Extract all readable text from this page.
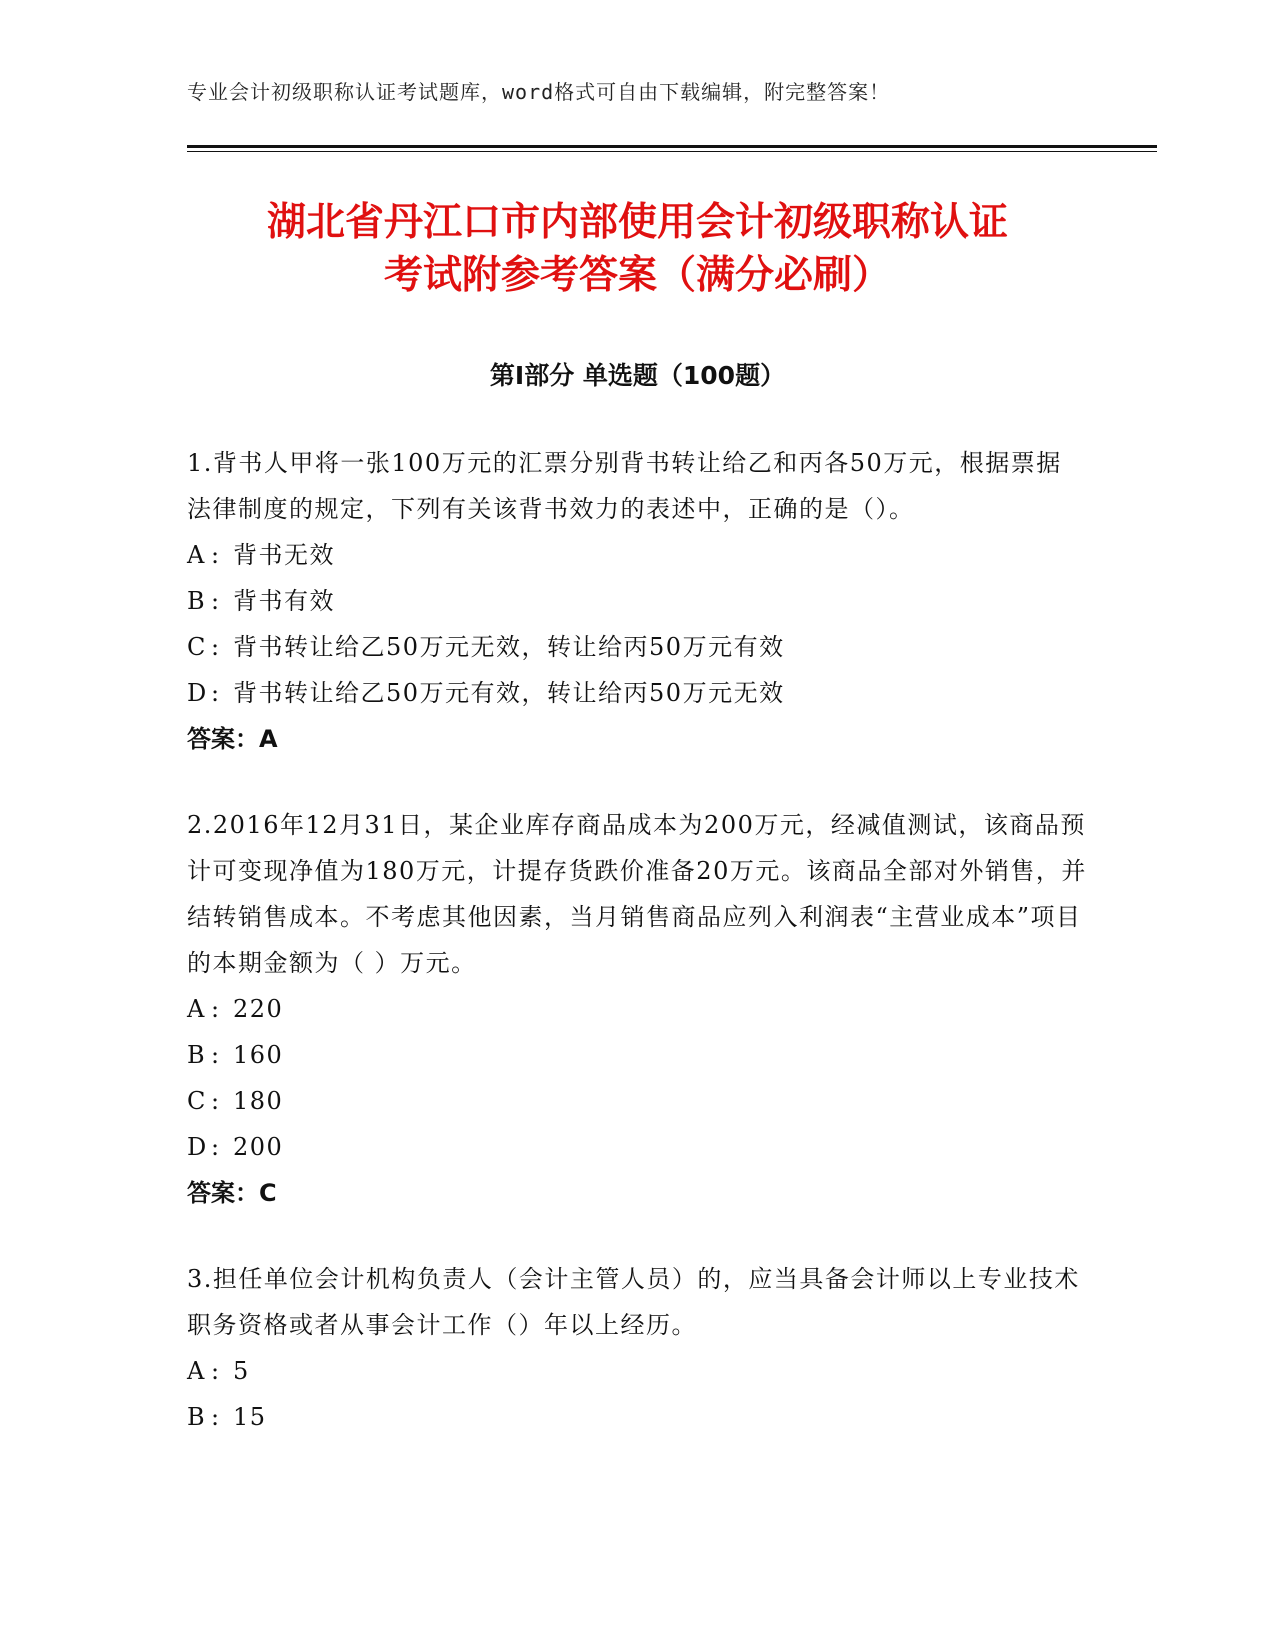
专业会计初级职称认证考试题库，word格式可自由下载编辑，附完整答案！
湖北省丹江口市内部使用会计初级职称认证
考试附参考答案（满分必刷）
第Ⅰ部分 单选题（100题）
1.背书人甲将一张100万元的汇票分别背书转让给乙和丙各50万元，根据票据法律制度的规定，下列有关该背书效力的表述中，正确的是（）。
A : 背书无效
B : 背书有效
C : 背书转让给乙50万元无效，转让给丙50万元有效
D : 背书转让给乙50万元有效，转让给丙50万元无效
答案：A
2.2016年12月31日，某企业库存商品成本为200万元，经减值测试，该商品预计可变现净值为180万元，计提存货跌价准备20万元。该商品全部对外销售，并结转销售成本。不考虑其他因素，当月销售商品应列入利润表“主营业成本”项目的本期金额为（ ）万元。
A : 220
B : 160
C : 180
D : 200
答案：C
3.担任单位会计机构负责人（会计主管人员）的，应当具备会计师以上专业技术职务资格或者从事会计工作（）年以上经历。
A : 5
B : 15
